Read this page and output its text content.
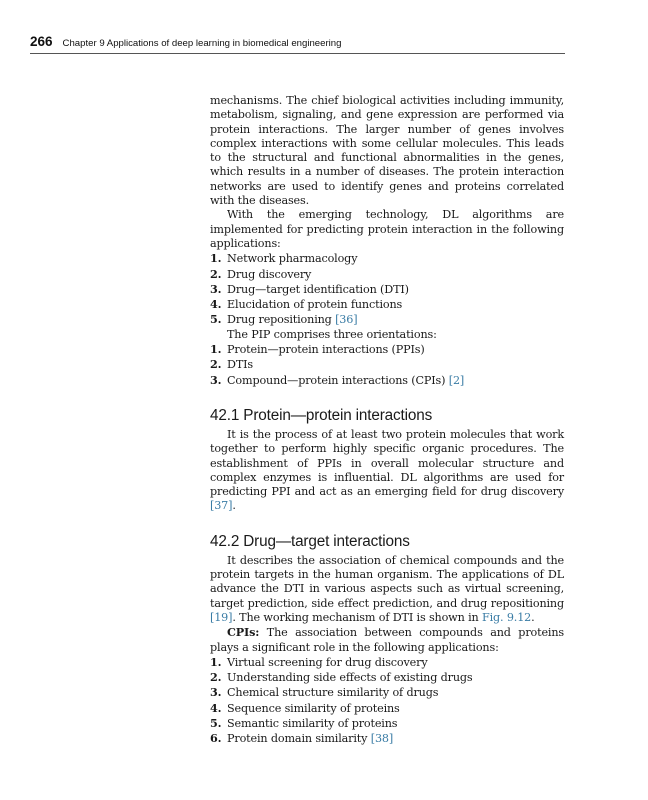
266 Chapter 9 Applications of deep learning in biomedical engineering

mechanisms. The chief biological activities including immunity, metabolism, signaling, and gene expression are performed via protein interactions. The larger number of genes involves complex interactions with some cellular molecules. This leads to the structural and functional abnormalities in the genes, which results in a number of diseases. The protein interaction networks are used to identify genes and proteins correlated with the diseases.

With the emerging technology, DL algorithms are implemented for predicting protein interaction in the following applications:

1. Network pharmacology
2. Drug discovery
3. Drug—target identification (DTI)
4. Elucidation of protein functions
5. Drug repositioning [36]

The PIP comprises three orientations:

1. Protein—protein interactions (PPIs)
2. DTIs
3. Compound—protein interactions (CPIs) [2]
42.1 Protein—protein interactions

It is the process of at least two protein molecules that work together to perform highly specific organic procedures. The establishment of PPIs in overall molecular structure and complex enzymes is influential. DL algorithms are used for predicting PPI and act as an emerging field for drug discovery [37].

42.2 Drug—target interactions

It describes the association of chemical compounds and the protein targets in the human organism. The applications of DL advance the DTI in various aspects such as virtual screening, target prediction, side effect prediction, and drug repositioning [19]. The working mechanism of DTI is shown in Fig. 9.12.

CPIs: The association between compounds and proteins plays a significant role in the following applications:

1. Virtual screening for drug discovery
2. Understanding side effects of existing drugs
3. Chemical structure similarity of drugs
4. Sequence similarity of proteins
5. Semantic similarity of proteins
6. Protein domain similarity [38]
